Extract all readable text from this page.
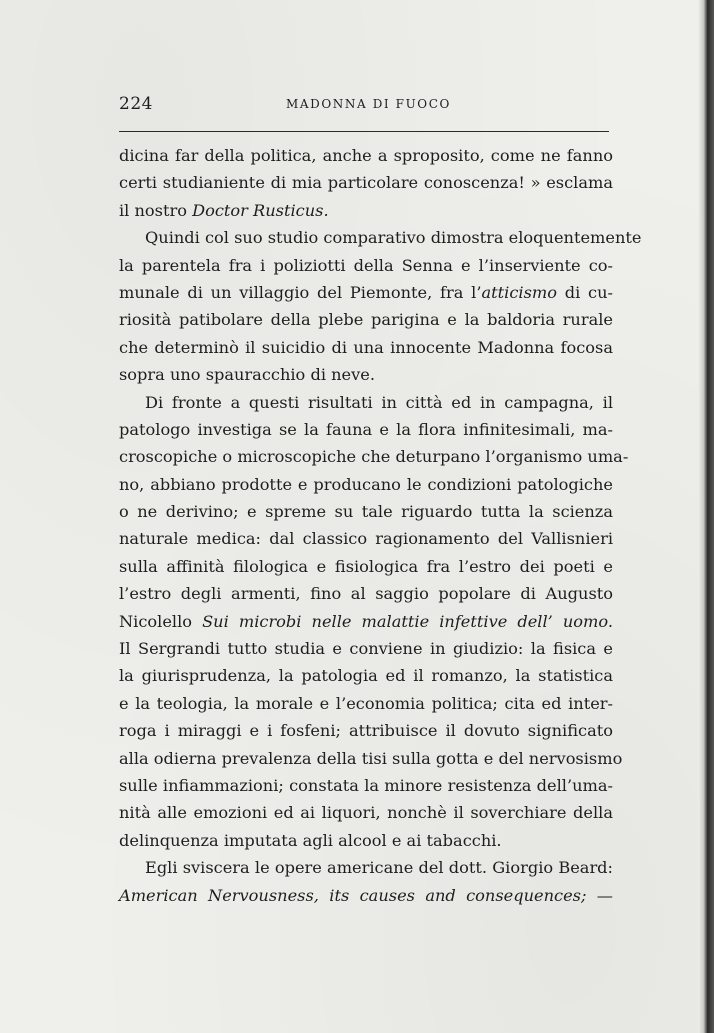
224	MADONNA DI FUOCO
dicina far della politica, anche a sproposito, come ne fanno
certi studianiente di mia particolare conoscenza! » esclama
il nostro Doctor Rusticus.
Quindi col suo studio comparativo dimostra eloquentemente
la parentela fra i poliziotti della Senna e l’inserviente co-
munale di un villaggio del Piemonte, fra l’atticismo di cu-
riosità patibolare della plebe parigina e la baldoria rurale
che determinò il suicidio di una innocente Madonna focosa
sopra uno spauracchio di neve.
Di fronte a questi risultati in città ed in campagna, il
patologo investiga se la fauna e la flora infinitesimali, ma-
croscopiche o microscopiche che deturpano l’organismo uma-
no, abbiano prodotte e producano le condizioni patologiche
o ne derivino; e spreme su tale riguardo tutta la scienza
naturale medica: dal classico ragionamento del Vallisnieri
sulla affinità filologica e fisiologica fra l’estro dei poeti e
l’estro degli armenti, fino al saggio popolare di Augusto
Nicolello Sui microbi nelle malattie infettive dell’ uomo.
Il Sergrandi tutto studia e conviene in giudizio: la fisica e
la giurisprudenza, la patologia ed il romanzo, la statistica
e la teologia, la morale e l’economia politica; cita ed inter-
roga i miraggi e i fosfeni; attribuisce il dovuto significato
alla odierna prevalenza della tisi sulla gotta e del nervosismo
sulle infiammazioni; constata la minore resistenza dell’uma-
nità alle emozioni ed ai liquori, nonchè il soverchiare della
delinquenza imputata agli alcool e ai tabacchi.
Egli sviscera le opere americane del dott. Giorgio Beard:
American Nervousness, its causes and consequences; —
